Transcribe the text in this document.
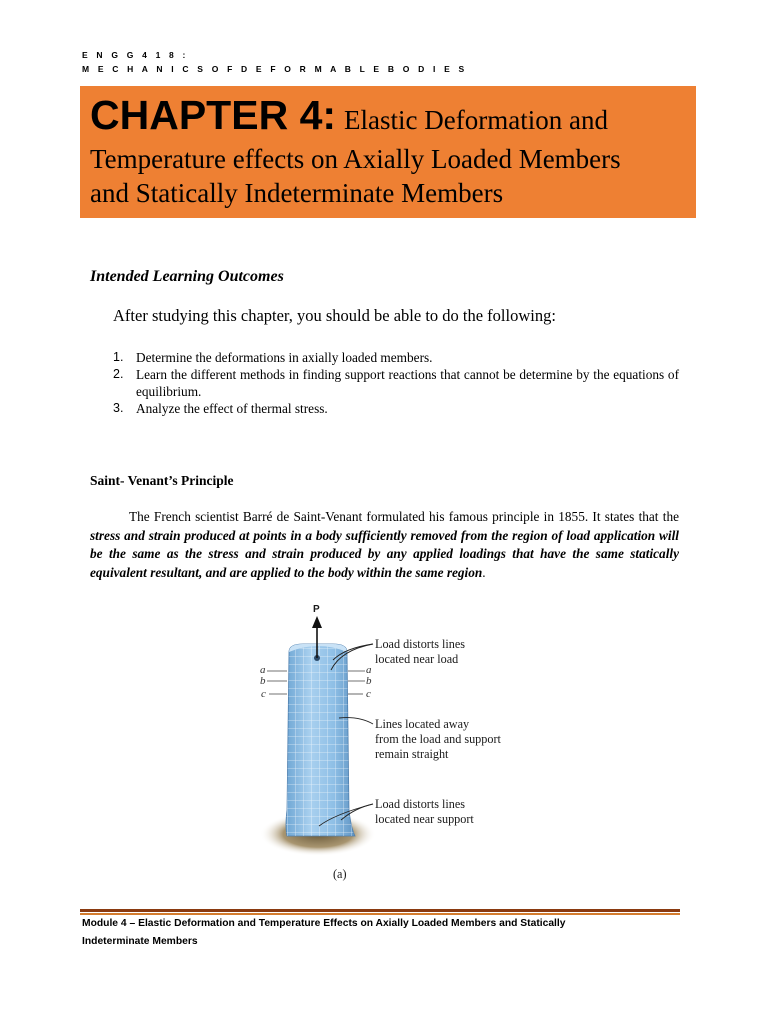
E N G G 4 1 8 :
M E C H A N I C S O F D E F O R M A B L E B O D I E S
CHAPTER 4: Elastic Deformation and
Temperature effects on Axially Loaded Members
and Statically Indeterminate Members
Intended Learning Outcomes
After studying this chapter, you should be able to do the following:
1. Determine the deformations in axially loaded members.
2. Learn the different methods in finding support reactions that cannot be determine by the equations of equilibrium.
3. Analyze the effect of thermal stress.
Saint- Venant’s Principle
The French scientist Barré de Saint-Venant formulated his famous principle in 1855. It states that the stress and strain produced at points in a body sufficiently removed from the region of load application will be the same as the stress and strain produced by any applied loadings that have the same statically equivalent resultant, and are applied to the body within the same region.
P
a
b
c
a
b
c
Load distorts lines
located near load
Lines located away
from the load and support
remain straight
Load distorts lines
located near support
(a)
Module 4 – Elastic Deformation and Temperature Effects on Axially Loaded Members and Statically
Indeterminate Members
